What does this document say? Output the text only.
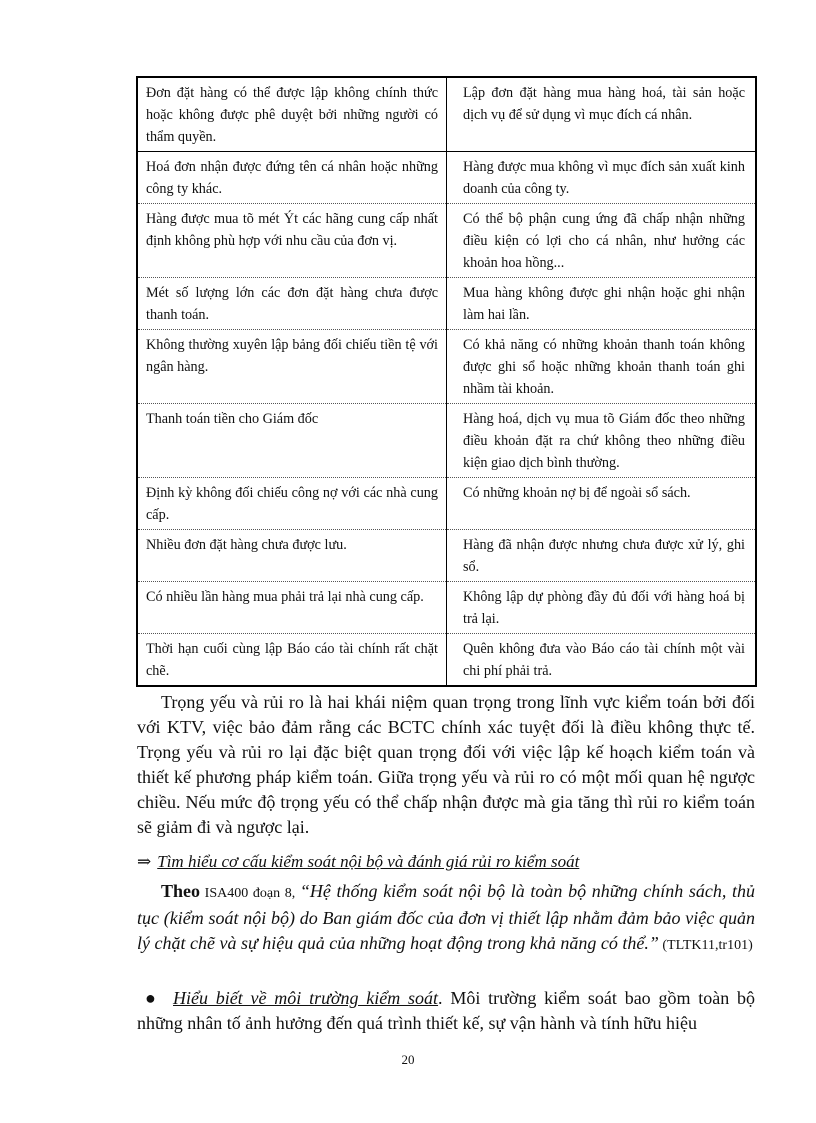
Đơn đặt hàng có thể được lập không chính thức hoặc không được phê duyệt bởi những người có thẩm quyền.	Lập đơn đặt hàng mua hàng hoá, tài sản hoặc dịch vụ để sử dụng vì mục đích cá nhân.
Hoá đơn nhận được đứng tên cá nhân hoặc những công ty khác.	Hàng được mua không vì mục đích sản xuất kinh doanh của công ty.
Hàng được mua tõ mét Ýt các hãng cung cấp nhất định không phù hợp với nhu cầu của đơn vị.	Có thể bộ phận cung ứng đã chấp nhận những điều kiện có lợi cho cá nhân, như hưởng các khoản hoa hồng...
Mét số lượng lớn các đơn đặt hàng chưa được thanh toán.	Mua hàng không được ghi nhận hoặc ghi nhận làm hai lần.
Không thường xuyên lập bảng đối chiếu tiền tệ với ngân hàng.	Có khả năng có những khoản thanh toán không được ghi sổ hoặc những khoản thanh toán ghi nhầm tài khoản.
Thanh toán tiền cho Giám đốc	Hàng hoá, dịch vụ mua tõ Giám đốc theo những điều khoản đặt ra chứ không theo những điều kiện giao dịch bình thường.
Định kỳ không đối chiếu công nợ với các nhà cung cấp.	Có những khoản nợ bị để ngoài sổ sách.
Nhiều đơn đặt hàng chưa được lưu.	Hàng đã nhận được nhưng chưa được xử lý, ghi sổ.
Có nhiều lần hàng mua phải trả lại nhà cung cấp.	Không lập dự phòng đầy đủ đối với hàng hoá bị trả lại.
Thời hạn cuối cùng lập Báo cáo tài chính rất chặt chẽ.	Quên không đưa vào Báo cáo tài chính một vài chi phí phải trả.

Trọng yếu và rủi ro là hai khái niệm quan trọng trong lĩnh vực kiểm toán bởi đối với KTV, việc bảo đảm rằng các BCTC chính xác tuyệt đối là điều không thực tế. Trọng yếu và rủi ro lại đặc biệt quan trọng đối với việc lập kế hoạch kiểm toán và thiết kế phương pháp kiểm toán. Giữa trọng yếu và rủi ro có một mối quan hệ ngược chiều. Nếu mức độ trọng yếu có thể chấp nhận được mà gia tăng thì rủi ro kiểm toán sẽ giảm đi và ngược lại.

⇒ Tìm hiểu cơ cấu kiểm soát nội bộ và đánh giá rủi ro kiểm soát

Theo ISA400 đoạn 8, “Hệ thống kiểm soát nội bộ là toàn bộ những chính sách, thủ tục (kiểm soát nội bộ) do Ban giám đốc của đơn vị thiết lập nhằm đảm bảo việc quản lý chặt chẽ và sự hiệu quả của những hoạt động trong khả năng có thể.” (TLTK11,tr101)

● Hiểu biết về môi trường kiểm soát. Môi trường kiểm soát bao gồm toàn bộ những nhân tố ảnh hưởng đến quá trình thiết kế, sự vận hành và tính hữu hiệu

20
